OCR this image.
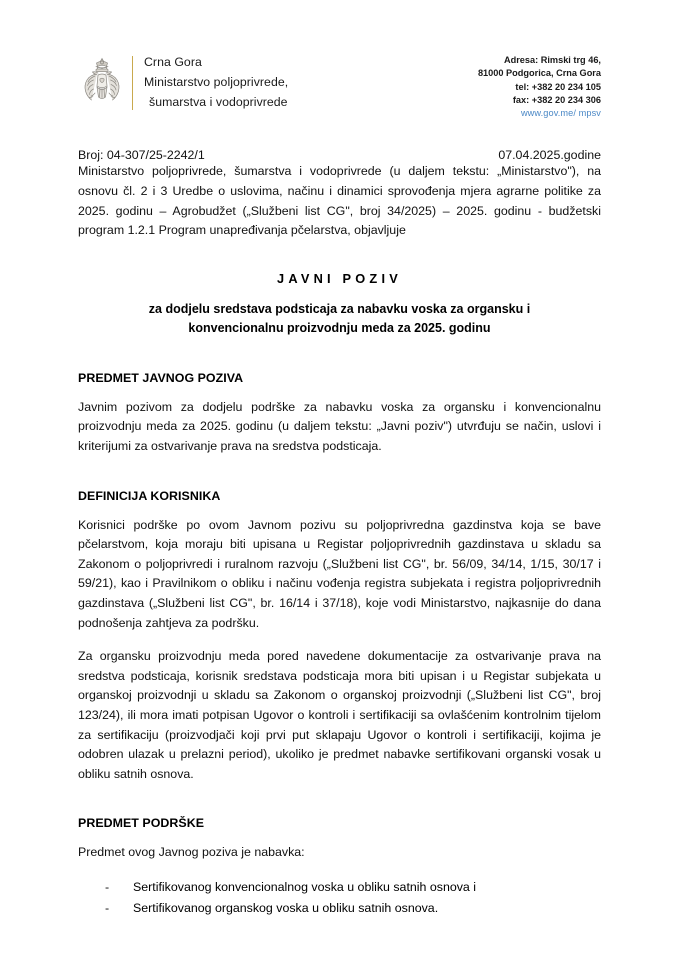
Crna Gora
Ministarstvo poljoprivrede,
šumarstva i vodoprivrede
Adresa: Rimski trg 46,
81000 Podgorica, Crna Gora
tel: +382 20 234 105
fax: +382 20 234 306
www.gov.me/ mpsv
Broj: 04-307/25-2242/1	07.04.2025.godine

Ministarstvo poljoprivrede, šumarstva i vodoprivrede (u daljem tekstu: „Ministarstvo"), na osnovu čl. 2 i 3 Uredbe o uslovima, načinu i dinamici sprovođenja mjera agrarne politike za 2025. godinu – Agrobudžet („Službeni list CG", broj 34/2025) – 2025. godinu - budžetski program 1.2.1 Program unapređivanja pčelarstva, objavljuje

JAVNI POZIV
za dodjelu sredstava podsticaja za nabavku voska za organsku i konvencionalnu proizvodnju meda za 2025. godinu
PREDMET JAVNOG POZIVA

Javnim pozivom za dodjelu podrške za nabavku voska za organsku i konvencionalnu proizvodnju meda za 2025. godinu (u daljem tekstu: „Javni poziv") utvrđuju se način, uslovi i kriterijumi za ostvarivanje prava na sredstva podsticaja.

DEFINICIJA KORISNIKA

Korisnici podrške po ovom Javnom pozivu su poljoprivredna gazdinstva koja se bave pčelarstvom, koja moraju biti upisana u Registar poljoprivrednih gazdinstava u skladu sa Zakonom o poljoprivredi i ruralnom razvoju („Službeni list CG", br. 56/09, 34/14, 1/15, 30/17 i 59/21), kao i Pravilnikom o obliku i načinu vođenja registra subjekata i registra poljoprivrednih gazdinstava („Službeni list CG", br. 16/14 i 37/18), koje vodi Ministarstvo, najkasnije do dana podnošenja zahtjeva za podršku.

Za organsku proizvodnju meda pored navedene dokumentacije za ostvarivanje prava na sredstva podsticaja, korisnik sredstava podsticaja mora biti upisan i u Registar subjekata u organskoj proizvodnji u skladu sa Zakonom o organskoj proizvodnji („Službeni list CG", broj 123/24), ili mora imati potpisan Ugovor o kontroli i sertifikaciji sa ovlašćenim kontrolnim tijelom za sertifikaciju (proizvodjači koji prvi put sklapaju Ugovor o kontroli i sertifikaciji, kojima je odobren ulazak u prelazni period), ukoliko je predmet nabavke sertifikovani organski vosak u obliku satnih osnova.

PREDMET PODRŠKE

Predmet ovog Javnog poziva je nabavka:

-	Sertifikovanog konvencionalnog voska u obliku satnih osnova i
-	Sertifikovanog organskog voska u obliku satnih osnova.
